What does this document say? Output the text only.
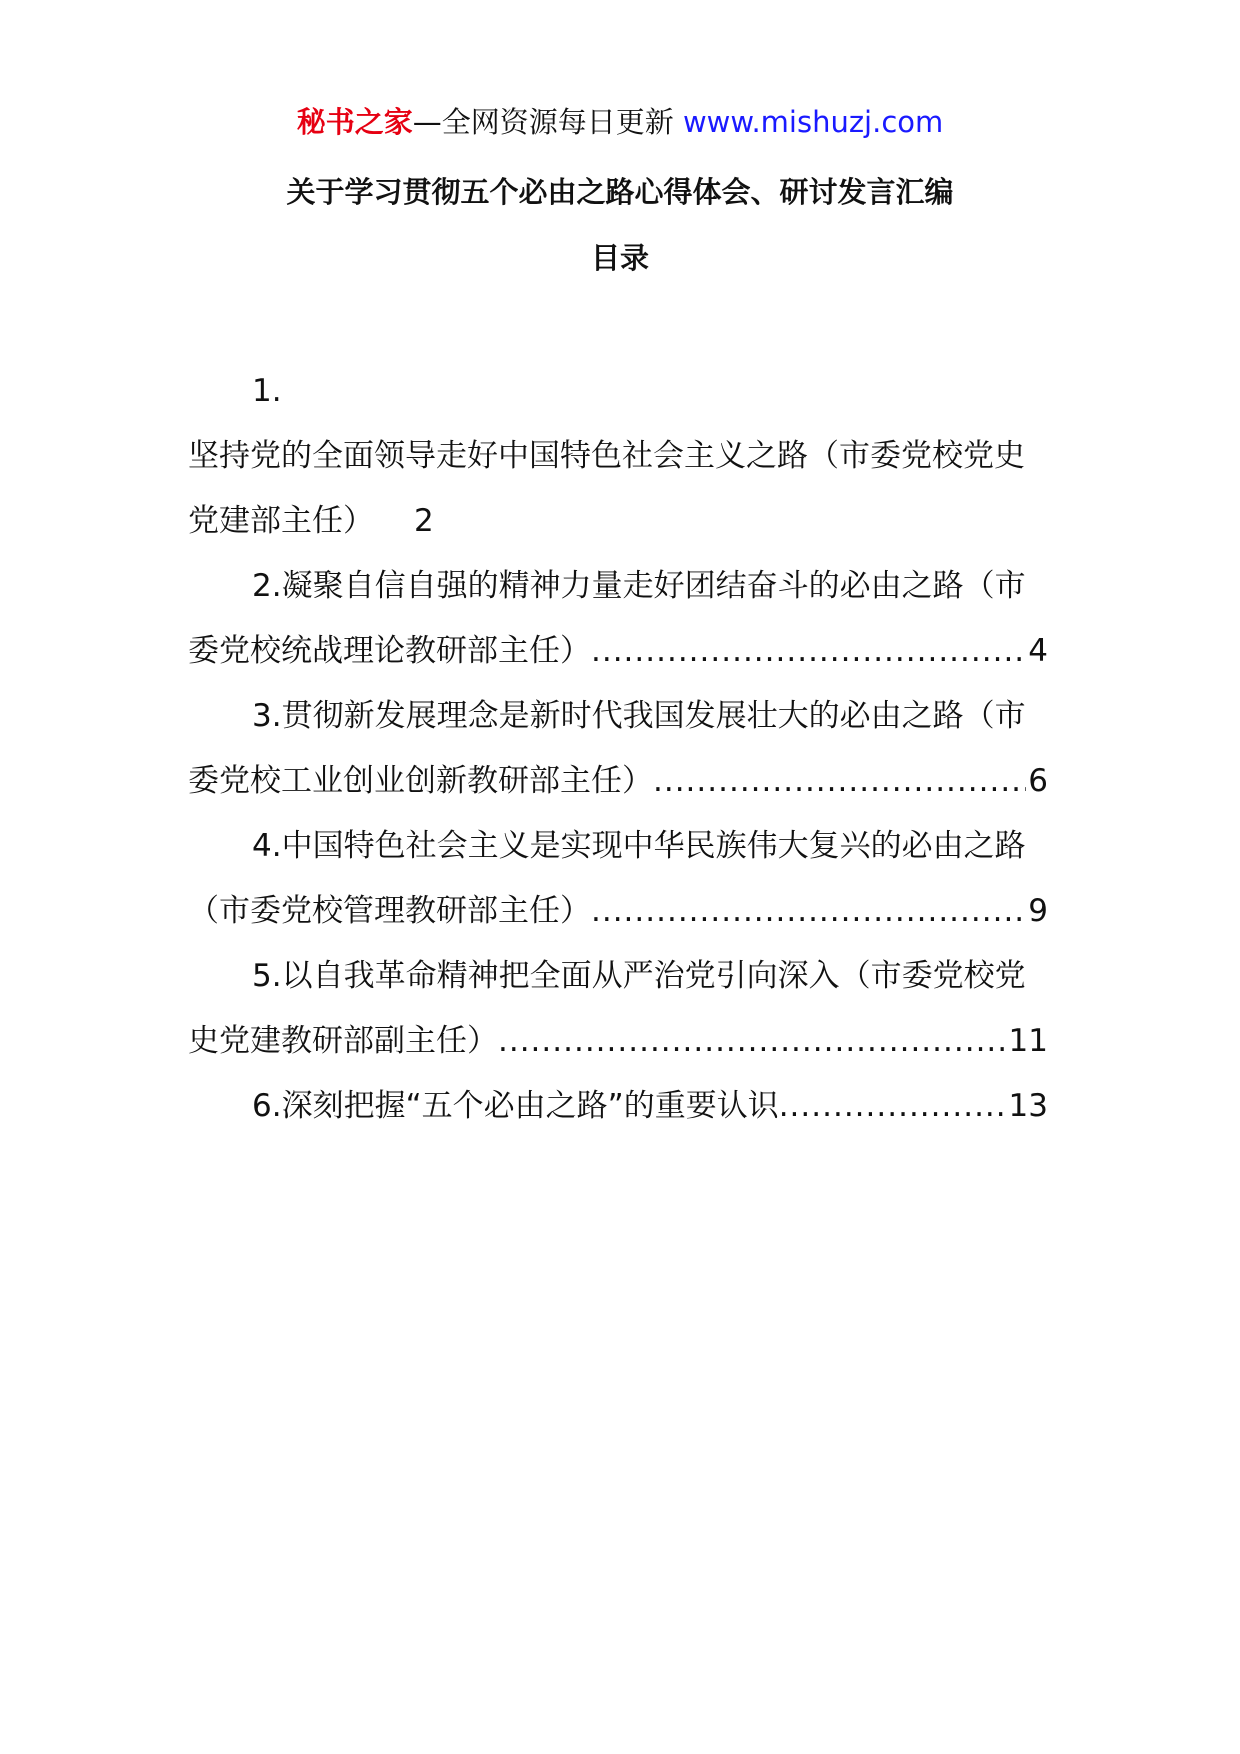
秘书之家—全网资源每日更新 www.mishuzj.com
关于学习贯彻五个必由之路心得体会、研讨发言汇编
目录
1.
坚持党的全面领导走好中国特色社会主义之路（市委党校党史
党建部主任） 2
2.凝聚自信自强的精神力量走好团结奋斗的必由之路（市
委党校统战理论教研部主任） .....	4
3.贯彻新发展理念是新时代我国发展壮大的必由之路（市
委党校工业创业创新教研部主任） .....	6
4.中国特色社会主义是实现中华民族伟大复兴的必由之路
（市委党校管理教研部主任） .....	9
5.以自我革命精神把全面从严治党引向深入（市委党校党
史党建教研部副主任） .....	11
6.深刻把握“五个必由之路”的重要认识 .....	13
